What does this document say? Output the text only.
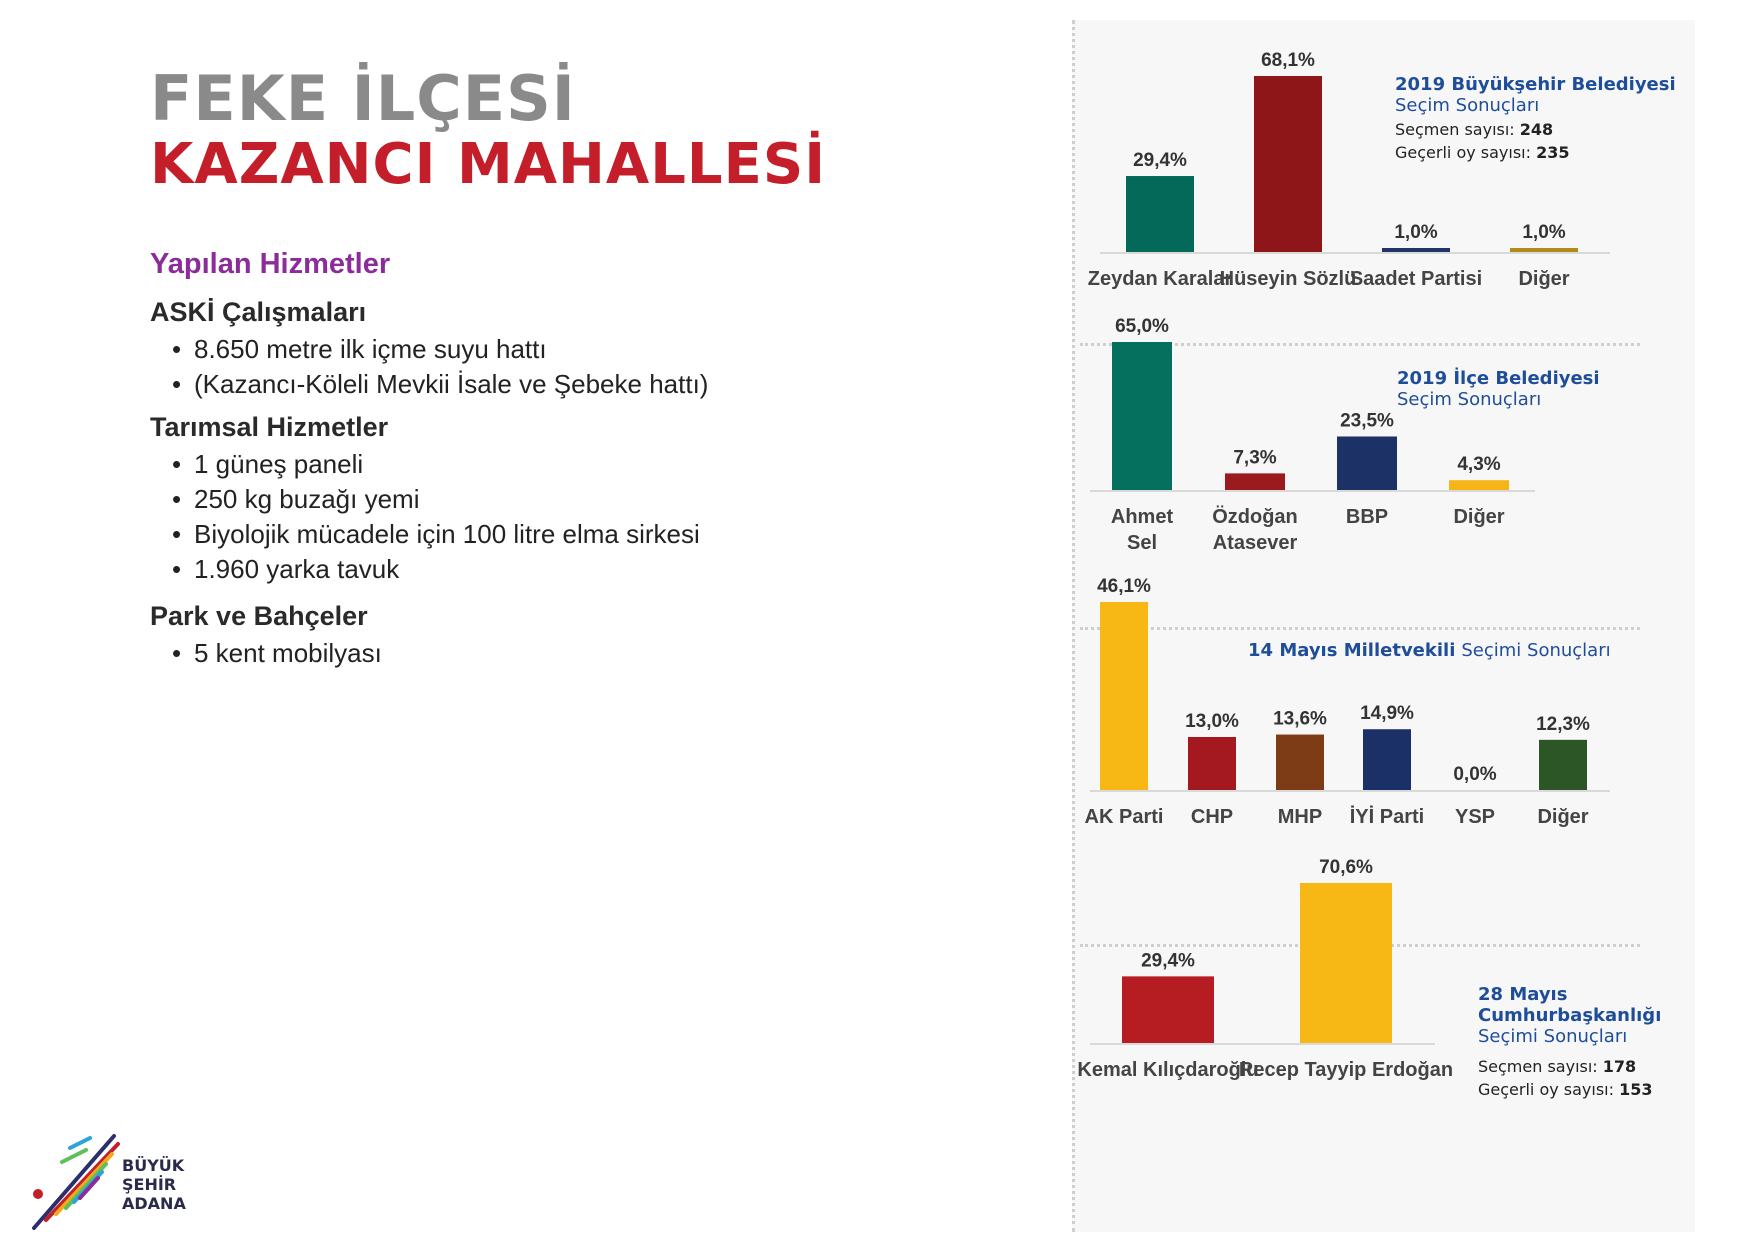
FEKE İLÇESİ
KAZANCI MAHALLESİ
Yapılan Hizmetler
ASKİ Çalışmaları
• 8.650 metre ilk içme suyu hattı
• (Kazancı-Köleli Mevkii İsale ve Şebeke hattı)
Tarımsal Hizmetler
• 1 güneş paneli
• 250 kg buzağı yemi
• Biyolojik mücadele için 100 litre elma sirkesi
• 1.960 yarka tavuk
Park ve Bahçeler
• 5 kent mobilyası
BÜYÜK
ŞEHİR
ADANA
29,4%
Zeydan Karalar
68,1%
Hüseyin Sözlü
1,0%
Saadet Partisi
1,0%
Diğer
2019 Büyükşehir Belediyesi
Seçim Sonuçları
Seçmen sayısı: 248
Geçerli oy sayısı: 235
65,0%
Ahmet
Sel
7,3%
Özdoğan
Atasever
23,5%
BBP
4,3%
Diğer
2019 İlçe Belediyesi
Seçim Sonuçları
46,1%
AK Parti
13,0%
CHP
13,6%
MHP
14,9%
İYİ Parti
0,0%
YSP
12,3%
Diğer
14 Mayıs Milletvekili Seçimi Sonuçları
29,4%
Kemal Kılıçdaroğlu
70,6%
Recep Tayyip Erdoğan
28 Mayıs Cumhurbaşkanlığı
Seçimi Sonuçları
Seçmen sayısı: 178
Geçerli oy sayısı: 153
